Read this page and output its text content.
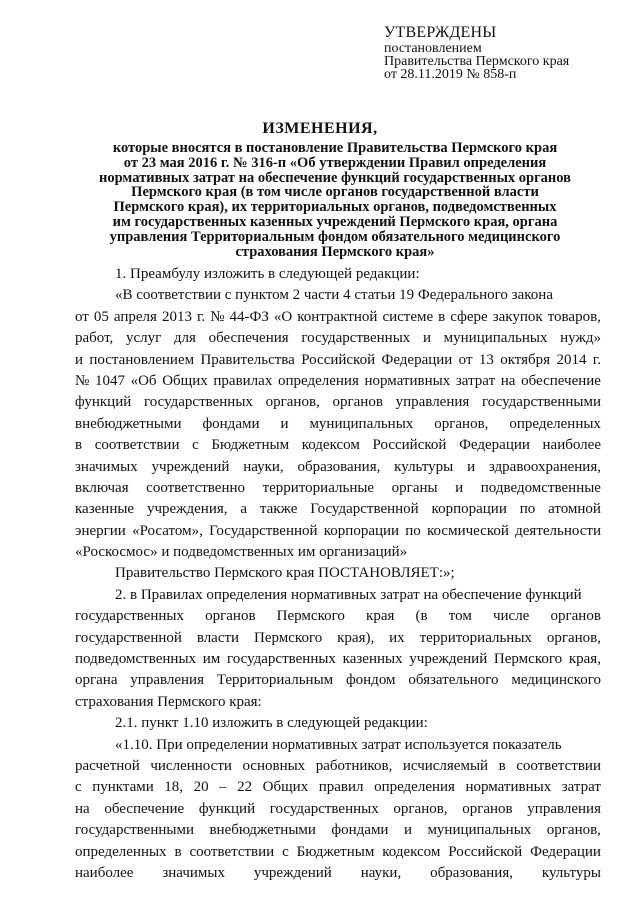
УТВЕРЖДЕНЫ
постановлением
Правительства Пермского края
от 28.11.2019 № 858-п
ИЗМЕНЕНИЯ,
которые вносятся в постановление Правительства Пермского края
от 23 мая 2016 г. № 316-п «Об утверждении Правил определения
нормативных затрат на обеспечение функций государственных органов
Пермского края (в том числе органов государственной власти
Пермского края), их территориальных органов, подведомственных
им государственных казенных учреждений Пермского края, органа
управления Территориальным фондом обязательного медицинского
страхования Пермского края»
1. Преамбулу изложить в следующей редакции:
«В соответствии с пунктом 2 части 4 статьи 19 Федерального закона
от 05 апреля 2013 г. № 44-ФЗ «О контрактной системе в сфере закупок товаров,
работ, услуг для обеспечения государственных и муниципальных нужд»
и постановлением Правительства Российской Федерации от 13 октября 2014 г.
№ 1047 «Об Общих правилах определения нормативных затрат на обеспечение
функций государственных органов, органов управления государственными
внебюджетными фондами и муниципальных органов, определенных
в соответствии с Бюджетным кодексом Российской Федерации наиболее
значимых учреждений науки, образования, культуры и здравоохранения,
включая соответственно территориальные органы и подведомственные
казенные учреждения, а также Государственной корпорации по атомной
энергии «Росатом», Государственной корпорации по космической деятельности
«Роскосмос» и подведомственных им организаций»
Правительство Пермского края ПОСТАНОВЛЯЕТ:»;
2. в Правилах определения нормативных затрат на обеспечение функций
государственных органов Пермского края (в том числе органов
государственной власти Пермского края), их территориальных органов,
подведомственных им государственных казенных учреждений Пермского края,
органа управления Территориальным фондом обязательного медицинского
страхования Пермского края:
2.1. пункт 1.10 изложить в следующей редакции:
«1.10. При определении нормативных затрат используется показатель
расчетной численности основных работников, исчисляемый в соответствии
с пунктами 18, 20 – 22 Общих правил определения нормативных затрат
на обеспечение функций государственных органов, органов управления
государственными внебюджетными фондами и муниципальных органов,
определенных в соответствии с Бюджетным кодексом Российской Федерации
наиболее значимых учреждений науки, образования, культуры
